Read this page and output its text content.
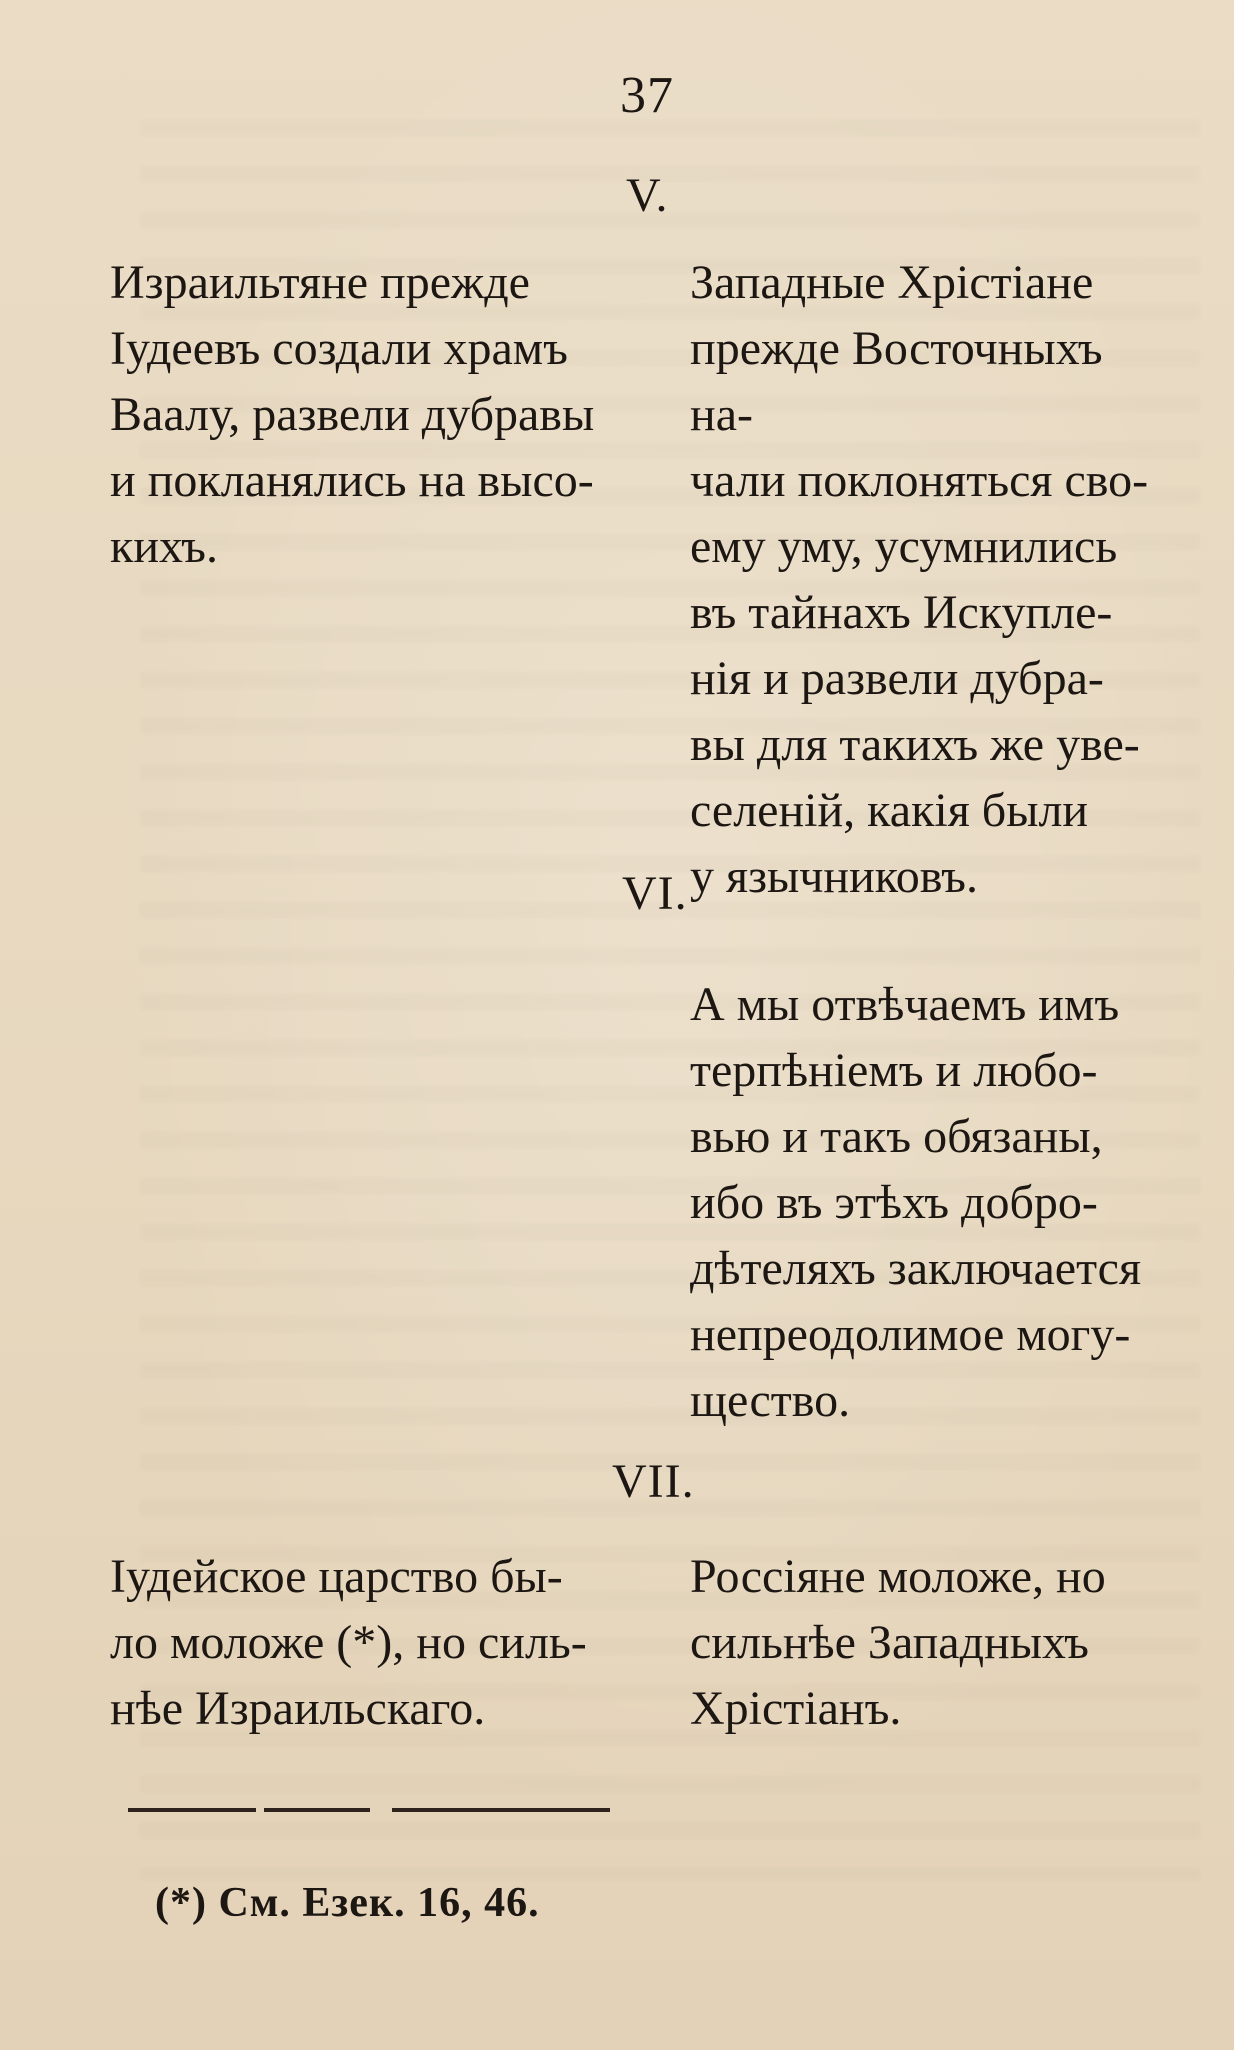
37
V.
Израильтяне прежде
Іудеевъ создали храмъ
Ваалу, развели дубравы
и покланялись на высо-
кихъ.
Западные Хрістiане
прежде Восточныхъ на-
чали поклоняться сво-
ему уму, усумнились
въ тайнахъ Искупле-
нiя и развели дубра-
вы для такихъ же уве-
селенiй, какiя были
у язычниковъ.
VI.
А мы отвѣчаемъ имъ
терпѣнiемъ и любо-
вью и такъ обязаны,
ибо въ этѣхъ добро-
дѣтеляхъ заключается
непреодолимое могу-
щество.
VII.
Іудейское царство бы-
ло моложе (*), но силь-
нѣе Израильскаго.
Россiяне моложе, но
сильнѣе Западныхъ
Хрістiанъ.
(*) См. Езек. 16, 46.
